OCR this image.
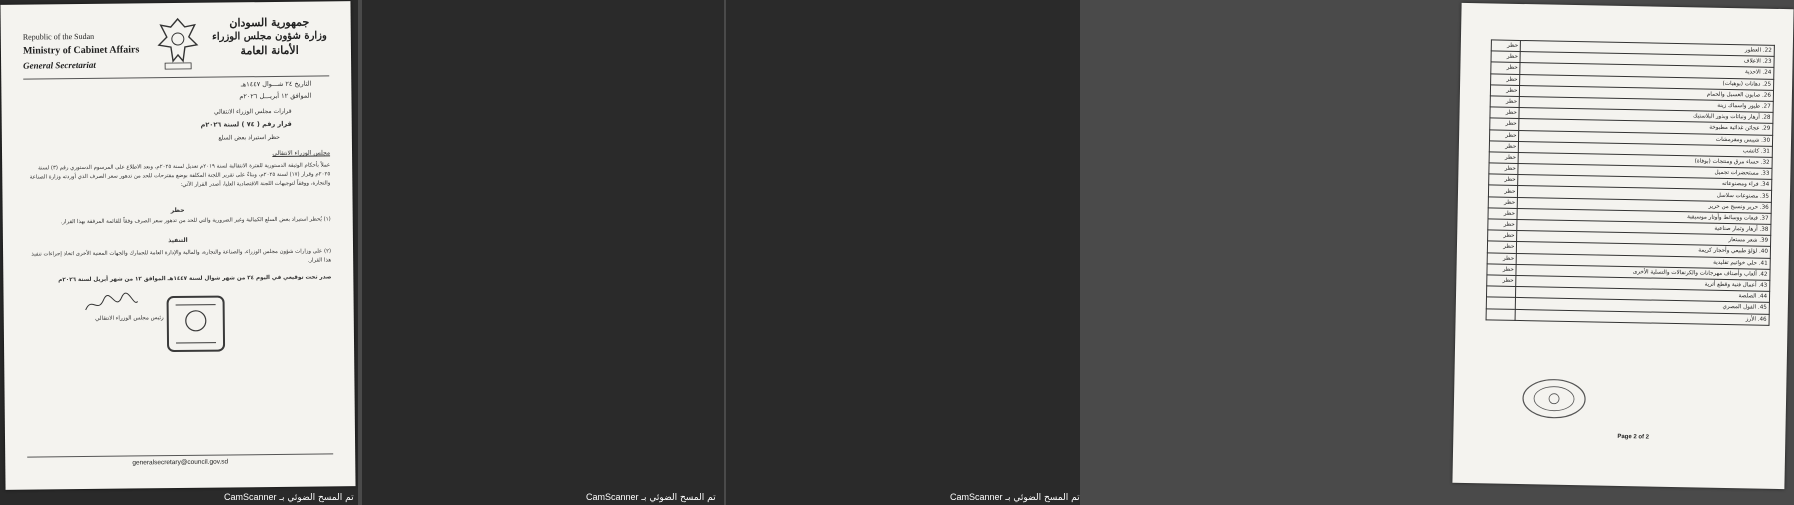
Republic of the Sudan
Ministry of Cabinet Affairs
General Secretariat
جمهورية السودان
وزارة شؤون مجلس الوزراء
الأمانة العامة
التاريخ ٢٤ شـــوال ١٤٤٧هـ
الموافق ١٢ أبريـــل ٢٠٢٦م
قرارات مجلس الوزراء الانتقالي
قرار رقم ( ٧٤ ) لسنة ٢٠٢٦م
حظر استيراد بعض السلع
مجلس الوزراء الانتقالي
عملاً بأحكام الوثيقة الدستورية للفترة الانتقالية لسنة ٢٠١٩م تعديل لسنة ٢٠٢٥م، وبعد الاطلاع على المرسوم الدستوري رقم (٣) لسنة ٢٠٢٥م وقرار (١٧) لسنة ٢٠٢٥م، وبناءً على تقرير اللجنة المكلفة بوضع مقترحات للحد من تدهور سعر الصرف الذي أوردته وزارة الصناعة والتجارة، ووفقاً لتوجيهات اللجنة الاقتصادية العليا، أصدر القرار الآتي:
حظر
(١) يُحظر استيراد بعض السلع الكمالية وغير الضرورية والتي للحد من تدهور سعر الصرف وفقاً للقائمة المرفقة بهذا القرار.
التنفيذ
(٢) على وزارات شؤون مجلس الوزراء، والصناعة والتجارة، والمالية والإدارة العامة للجمارك والجهات المعنية الأخرى اتخاذ إجراءات تنفيذ هذا القرار.
صدر تحت توقيعي في اليوم ٢٤ من شهر شوال لسنة ١٤٤٧هـ الموافق ١٢ من شهر أبريل لسنة ٢٠٢٦م
رئيس مجلس الوزراء الانتقالي
generalsecretary@council.gov.sd
تم المسح الضوئي بـ CamScanner

		تم المسح الضوئي بـ CamScanner
22. العطور	حظر
23. الاعلاف	حظر
24. الاحذية	حظر
25. دهانات (بوهيات)	حظر
26. صابون الغسيل والحمام	حظر
27. طيور واسماك زينة	حظر
28. أزهار ونباتات وبذور البلاستيك	حظر
29. عجائن غذائية مطبوخة	حظر
30. شيبس ومقرمشات	حظر
31. كاتشب	حظر
32. حساء مرق ومنتجات (بوفاة)	حظر
33. مستحضرات تجميل	حظر
34. فراء ومصنوعاته	حظر
35. مصنوعات سلاسل	حظر
36. حرير ونسيج من حرير	حظر
37. قبعات ووسائط وأوتار موسيقية	حظر
38. أزهار وثمار صناعية	حظر
39. شعر مستعار	حظر
40. لؤلؤ طبيعي وأحجار كريمة	حظر
41. حلي خواتيم تقليدية	حظر
42. ألعاب وأصناف مهرجانات والكرنفالات والتسلية الأخرى	حظر
43. أعمال فنية وقطع أثرية	حظر
44. الصلصة	
45. الفول المصري	
46. الأرز	
Page 2 of 2
تم المسح الضوئي بـ CamScanner
